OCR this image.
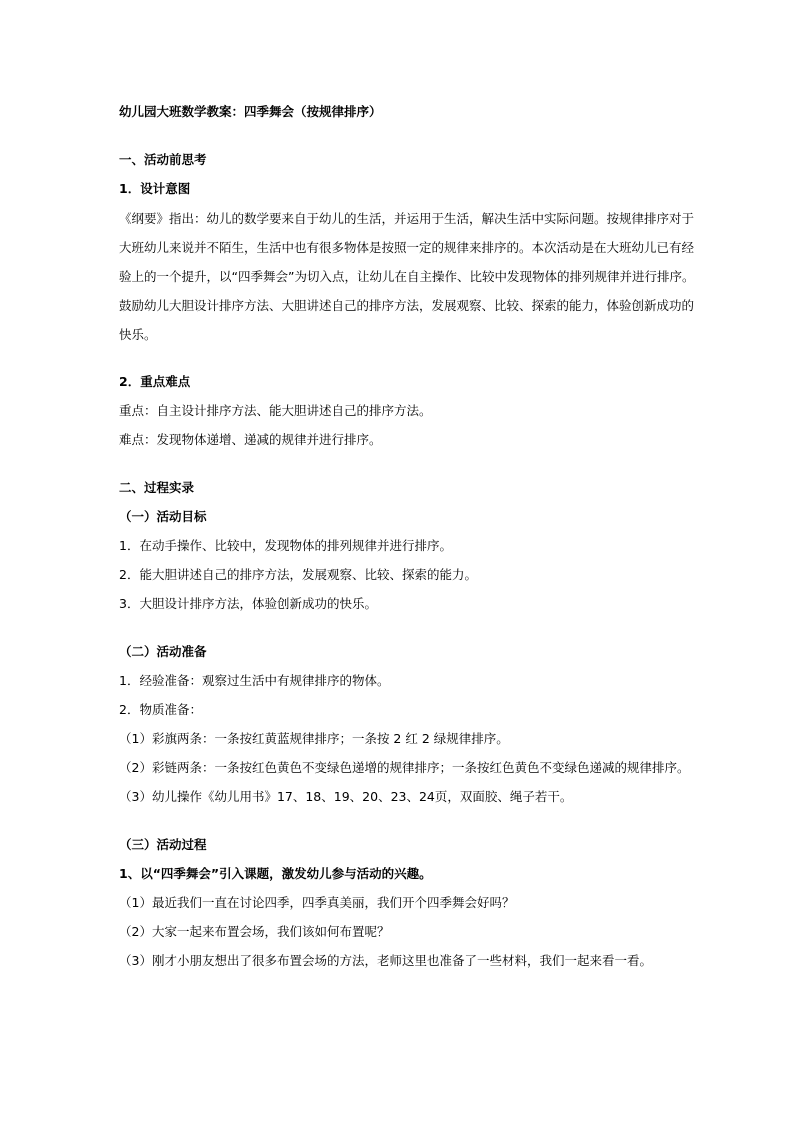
幼儿园大班数学教案：四季舞会（按规律排序）
一、活动前思考
1．设计意图
《纲要》指出：幼儿的数学要来自于幼儿的生活，并运用于生活，解决生活中实际问题。按规律排序对于
大班幼儿来说并不陌生，生活中也有很多物体是按照一定的规律来排序的。本次活动是在大班幼儿已有经
验上的一个提升，以“四季舞会”为切入点，让幼儿在自主操作、比较中发现物体的排列规律并进行排序。
鼓励幼儿大胆设计排序方法、大胆讲述自己的排序方法，发展观察、比较、探索的能力，体验创新成功的
快乐。
2．重点难点
重点：自主设计排序方法、能大胆讲述自己的排序方法。
难点：发现物体递增、递减的规律并进行排序。
二、过程实录
（一）活动目标
1．在动手操作、比较中，发现物体的排列规律并进行排序。
2．能大胆讲述自己的排序方法，发展观察、比较、探索的能力。
3．大胆设计排序方法，体验创新成功的快乐。
（二）活动准备
1．经验准备：观察过生活中有规律排序的物体。
2．物质准备：
（1）彩旗两条：一条按红黄蓝规律排序；一条按 2 红 2 绿规律排序。
（2）彩链两条：一条按红色黄色不变绿色递增的规律排序；一条按红色黄色不变绿色递减的规律排序。
（3）幼儿操作《幼儿用书》17、18、19、20、23、24页，双面胶、绳子若干。
（三）活动过程
1、以“四季舞会”引入课题，激发幼儿参与活动的兴趣。
（1）最近我们一直在讨论四季，四季真美丽，我们开个四季舞会好吗？
（2）大家一起来布置会场，我们该如何布置呢？
（3）刚才小朋友想出了很多布置会场的方法，老师这里也准备了一些材料，我们一起来看一看。
